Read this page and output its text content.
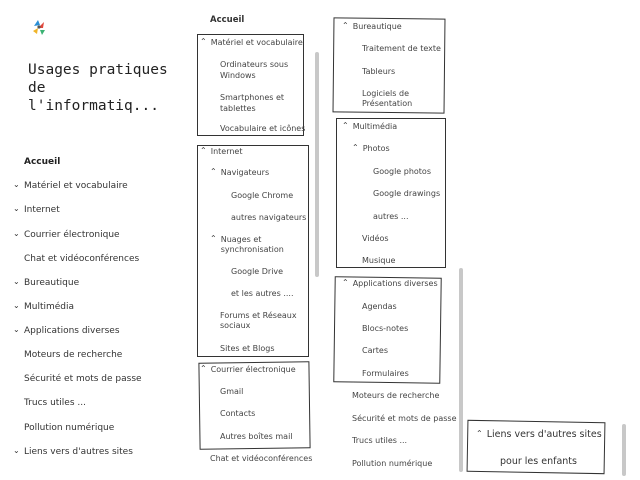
Usages pratiques de l'informatiq...
Accueil
⌄ Matériel et vocabulaire
⌄ Internet
⌄ Courrier électronique
Chat et vidéoconférences
⌄ Bureautique
⌄ Multimédia
⌄ Applications diverses
Moteurs de recherche
Sécurité et mots de passe
Trucs utiles ...
Pollution numérique
⌄ Liens vers d'autres sites
Accueil
⌃ Matériel et vocabulaire
Ordinateurs sous
Windows
Smartphones et
tablettes
Vocabulaire et icônes
⌃ Internet
⌃ Navigateurs
Google Chrome
autres navigateurs
⌃ Nuages et
synchronisation
Google Drive
et les autres ....
Forums et Réseaux
sociaux
Sites et Blogs
⌃ Courrier électronique
Gmail
Contacts
Autres boîtes mail
Chat et vidéoconférences
⌃ Bureautique
Traitement de texte
Tableurs
Logiciels de
Présentation
⌃ Multimédia
⌃ Photos
Google photos
Google drawings
autres ...
Vidéos
Musique
⌃ Applications diverses
Agendas
Blocs-notes
Cartes
Formulaires
Moteurs de recherche
Sécurité et mots de passe
Trucs utiles ...
Pollution numérique
⌃ Liens vers d'autres sites
pour les enfants
